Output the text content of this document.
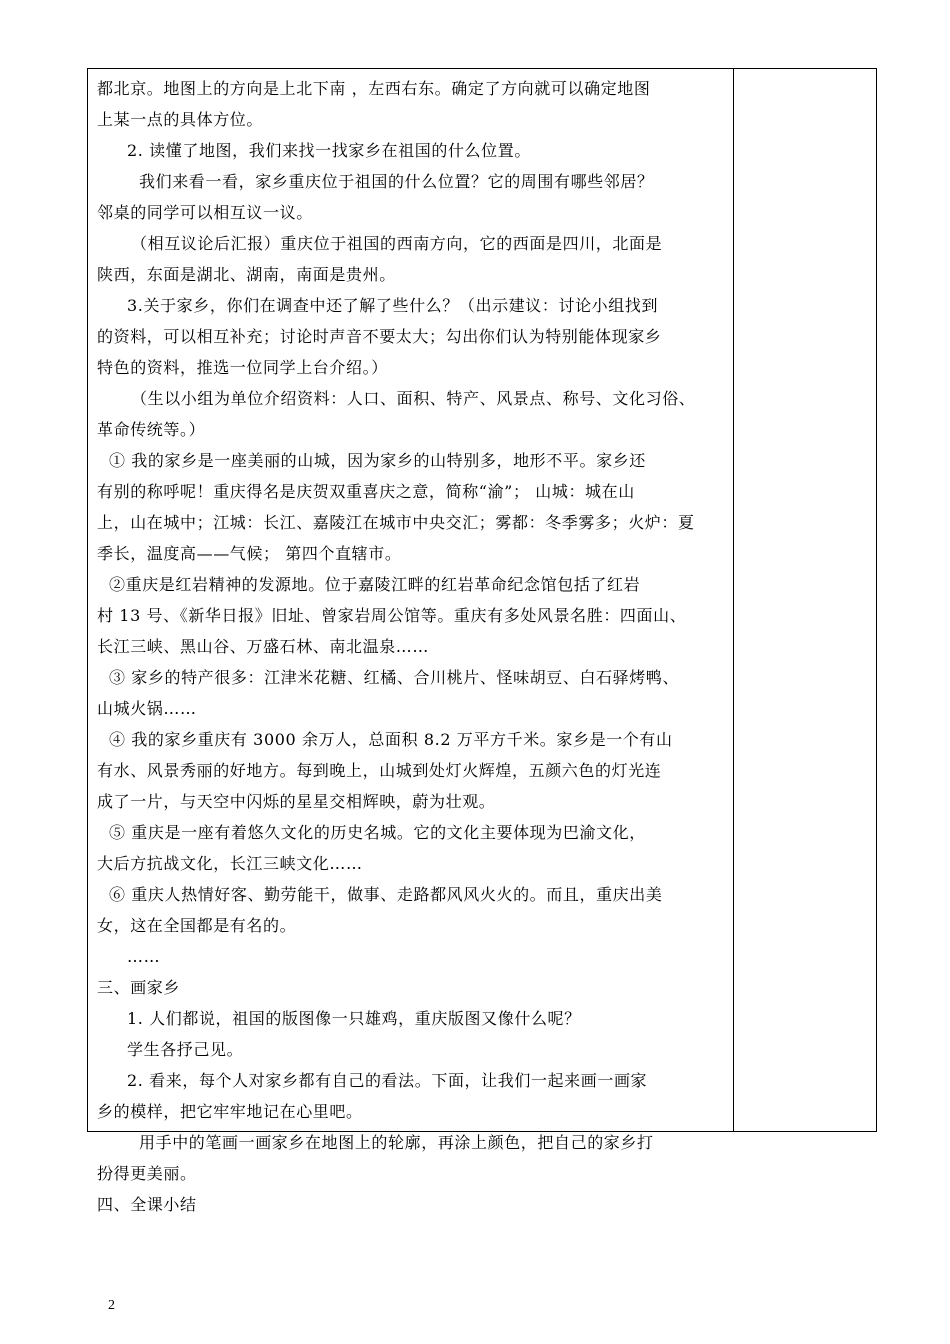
都北京。地图上的方向是上北下南 ，左西右东。确定了方向就可以确定地图
上某一点的具体方位。
2. 读懂了地图，我们来找一找家乡在祖国的什么位置。
我们来看一看，家乡重庆位于祖国的什么位置？它的周围有哪些邻居？
邻桌的同学可以相互议一议。
（相互议论后汇报）重庆位于祖国的西南方向，它的西面是四川，北面是
陕西，东面是湖北、湖南，南面是贵州。
3.关于家乡，你们在调查中还了解了些什么？（出示建议：讨论小组找到
的资料，可以相互补充；讨论时声音不要太大；勾出你们认为特别能体现家乡
特色的资料，推选一位同学上台介绍。）
（生以小组为单位介绍资料：人口、面积、特产、风景点、称号、文化习俗、
革命传统等。）
① 我的家乡是一座美丽的山城，因为家乡的山特别多，地形不平。家乡还
有别的称呼呢！重庆得名是庆贺双重喜庆之意，简称“渝”； 山城：城在山
上，山在城中；江城：长江、嘉陵江在城市中央交汇；雾都：冬季雾多；火炉：夏
季长，温度高——气候； 第四个直辖市。
②重庆是红岩精神的发源地。位于嘉陵江畔的红岩革命纪念馆包括了红岩
村 13 号、《新华日报》旧址、曾家岩周公馆等。重庆有多处风景名胜：四面山、
长江三峡、黑山谷、万盛石林、南北温泉……
③ 家乡的特产很多：江津米花糖、红橘、合川桃片、怪味胡豆、白石驿烤鸭、
山城火锅……
④ 我的家乡重庆有 3000 余万人，总面积 8.2 万平方千米。家乡是一个有山
有水、风景秀丽的好地方。每到晚上，山城到处灯火辉煌，五颜六色的灯光连
成了一片，与天空中闪烁的星星交相辉映，蔚为壮观。
⑤ 重庆是一座有着悠久文化的历史名城。它的文化主要体现为巴渝文化，
大后方抗战文化，长江三峡文化……
⑥ 重庆人热情好客、勤劳能干，做事、走路都风风火火的。而且，重庆出美
女，这在全国都是有名的。
……
三、画家乡
1. 人们都说，祖国的版图像一只雄鸡，重庆版图又像什么呢？
学生各抒己见。
2. 看来，每个人对家乡都有自己的看法。下面，让我们一起来画一画家
乡的模样，把它牢牢地记在心里吧。
用手中的笔画一画家乡在地图上的轮廓，再涂上颜色，把自己的家乡打
扮得更美丽。
四、全课小结
2
